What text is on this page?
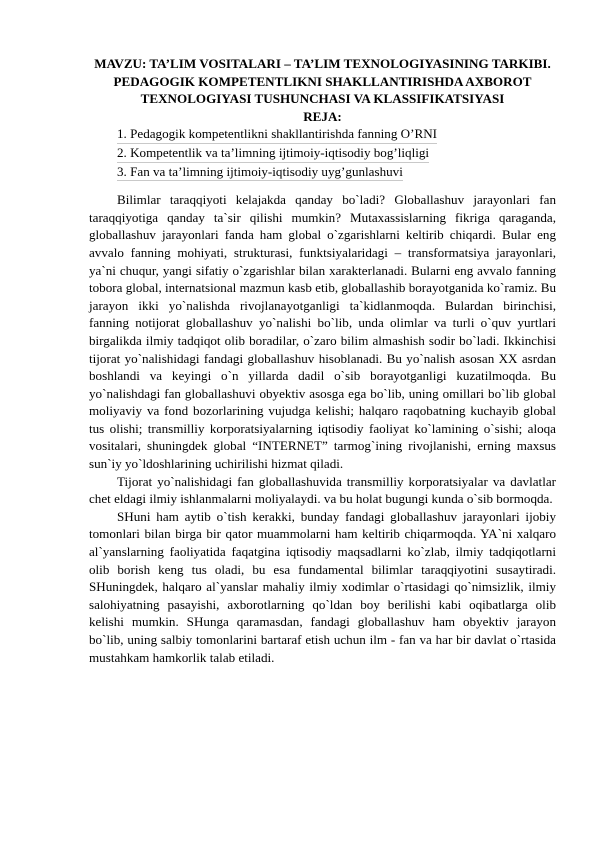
MAVZU: TA’LIM VOSITALARI – TA’LIM TEXNOLOGIYASINING TARKIBI. PEDAGOGIK KOMPETENTLIKNI SHAKLLANTIRISHDA AXBOROT TEXNOLOGIYASI TUSHUNCHASI VA KLASSIFIKATSIYASI
REJA:
1. Pedagogik kompetentlikni shakllantirishda fanning O’RNI
2. Kompetentlik va ta’limning ijtimoiy-iqtisodiy bog’liqligi
3. Fan va ta’limning ijtimoiy-iqtisodiy uyg’gunlashuvi

Bilimlar taraqqiyoti kelajakda qanday bo`ladi? Globallashuv jarayonlari fan taraqqiyotiga qanday ta`sir qilishi mumkin? Mutaxassislarning fikriga qaraganda, globallashuv jarayonlari fanda ham global o`zgarishlarni keltirib chiqardi. Bular eng avvalo fanning mohiyati, strukturasi, funktsiyalaridagi – transformatsiya jarayonlari, ya`ni chuqur, yangi sifatiy o`zgarishlar bilan xarakterlanadi. Bularni eng avvalo fanning tobora global, internatsional mazmun kasb etib, globallashib borayotganida ko`ramiz. Bu jarayon ikki yo`nalishda rivojlanayotganligi ta`kidlanmoqda. Bulardan birinchisi, fanning notijorat globallashuv yo`nalishi bo`lib, unda olimlar va turli o`quv yurtlari birgalikda ilmiy tadqiqot olib boradilar, o`zaro bilim almashish sodir bo`ladi. Ikkinchisi tijorat yo`nalishidagi fandagi globallashuv hisoblanadi. Bu yo`nalish asosan XX asrdan boshlandi va keyingi o`n yillarda dadil o`sib borayotganligi kuzatilmoqda. Bu yo`nalishdagi fan globallashuvi obyektiv asosga ega bo`lib, uning omillari bo`lib global moliyaviy va fond bozorlarining vujudga kelishi; halqaro raqobatning kuchayib global tus olishi; transmilliy korporatsiyalarning iqtisodiy faoliyat ko`lamining o`sishi; aloqa vositalari, shuningdek global “INTERNET” tarmog`ining rivojlanishi, erning maxsus sun`iy yo`ldoshlarining uchirilishi hizmat qiladi.

Tijorat yo`nalishidagi fan globallashuvida transmilliy korporatsiyalar va davlatlar chet eldagi ilmiy ishlanmalarni moliyalaydi. va bu holat bugungi kunda o`sib bormoqda.

SHuni ham aytib o`tish kerakki, bunday fandagi globallashuv jarayonlari ijobiy tomonlari bilan birga bir qator muammolarni ham keltirib chiqarmoqda. YA`ni xalqaro al`yanslarning faoliyatida faqatgina iqtisodiy maqsadlarni ko`zlab, ilmiy tadqiqotlarni olib borish keng tus oladi, bu esa fundamental bilimlar taraqqiyotini susaytiradi. SHuningdek, halqaro al`yanslar mahaliy ilmiy xodimlar o`rtasidagi qo`nimsizlik, ilmiy salohiyatning pasayishi, axborotlarning qo`ldan boy berilishi kabi oqibatlarga olib kelishi mumkin. SHunga qaramasdan, fandagi globallashuv ham obyektiv jarayon bo`lib, uning salbiy tomonlarini bartaraf etish uchun ilm - fan va har bir davlat o`rtasida mustahkam hamkorlik talab etiladi.
